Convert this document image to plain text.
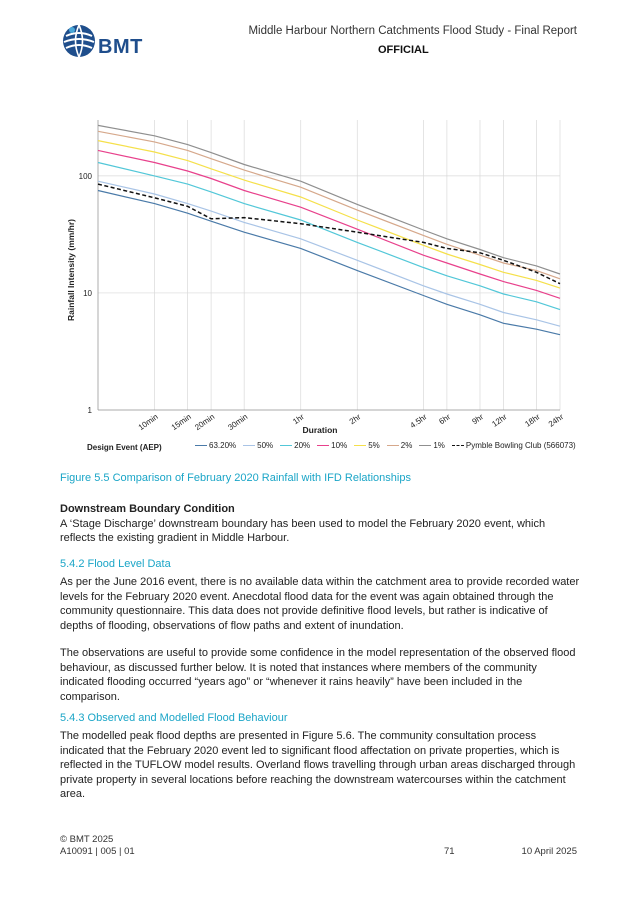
BMT
Middle Harbour Northern Catchments Flood Study - Final Report
OFFICIAL
1
10
100
10min 15min 20min 30min	1hr	2hr	4.5hr 6hr 9hr 12hr 18hr 24hr
Rainfall Intensity (mm/hr)
Duration
Design Event (AEP)	63.20%	50%	20%	10%	5%	2%	1%	Pymble Bowling Club (566073)
Figure 5.5 Comparison of February 2020 Rainfall with IFD Relationships

Downstream Boundary Condition

A ‘Stage Discharge’ downstream boundary has been used to model the February 2020 event, which reflects the existing gradient in Middle Harbour.

5.4.2 Flood Level Data

As per the June 2016 event, there is no available data within the catchment area to provide recorded water levels for the February 2020 event. Anecdotal flood data for the event was again obtained through the community questionnaire. This data does not provide definitive flood levels, but rather is indicative of depths of flooding, observations of flow paths and extent of inundation.

The observations are useful to provide some confidence in the model representation of the observed flood behaviour, as discussed further below. It is noted that instances where members of the community indicated flooding occurred “years ago” or “whenever it rains heavily” have been included in the comparison.

5.4.3 Observed and Modelled Flood Behaviour

The modelled peak flood depths are presented in Figure 5.6. The community consultation process indicated that the February 2020 event led to significant flood affectation on private properties, which is reflected in the TUFLOW model results. Overland flows travelling through urban areas discharged through private property in several locations before reaching the downstream watercourses within the catchment area.

© BMT 2025
A10091 | 005 | 01	71	10 April 2025
